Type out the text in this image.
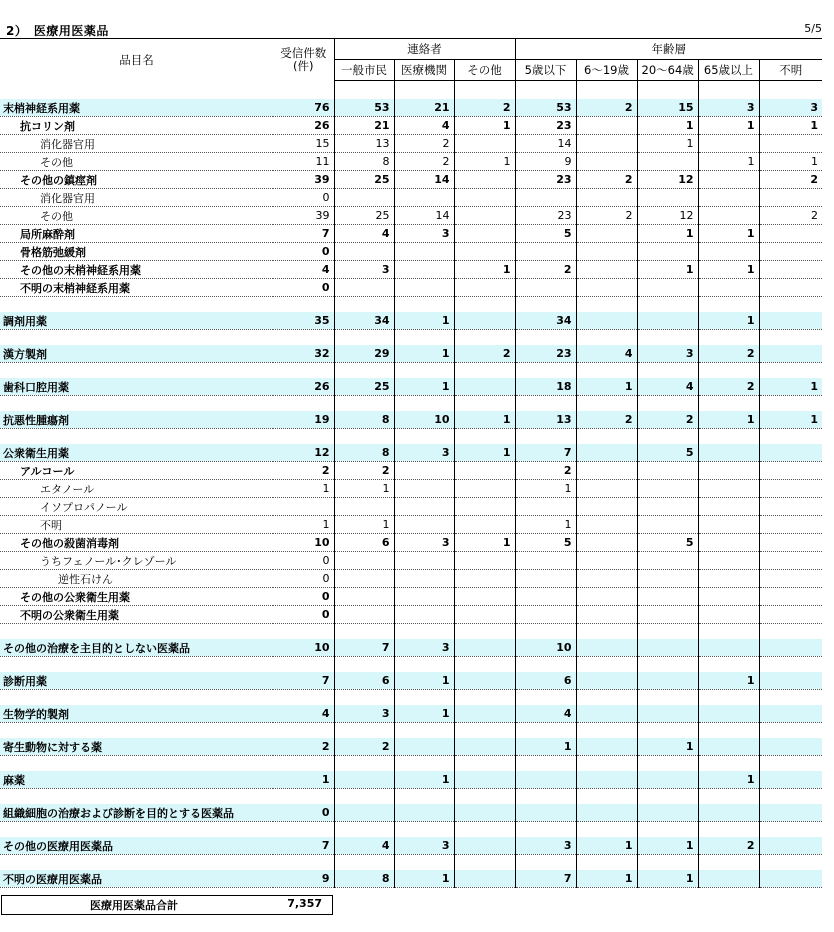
2）　医療用医薬品	5/5
品目名	受信件数
(件)	連絡者			年齢層				
		一般市民	医療機関	その他	5歳以下	6～19歳	20～64歳	65歳以上	不明

末梢神経系用薬	76	53	21	2	53	2	15	3	3
抗コリン剤	26	21	4	1	23		1	1	1
消化器官用	15	13	2		14		1		
その他	11	8	2	1	9			1	1
その他の鎮痙剤	39	25	14		23	2	12		2
消化器官用	0								
その他	39	25	14		23	2	12		2
局所麻酔剤	7	4	3		5		1	1	
骨格筋弛緩剤	0								
その他の末梢神経系用薬	4	3		1	2		1	1	
不明の末梢神経系用薬	0								

調剤用薬	35	34	1		34			1	

漢方製剤	32	29	1	2	23	4	3	2	

歯科口腔用薬	26	25	1		18	1	4	2	1

抗悪性腫瘍剤	19	8	10	1	13	2	2	1	1

公衆衛生用薬	12	8	3	1	7		5		
アルコール	2	2			2				
エタノール	1	1			1				
イソプロパノール									
不明	1	1			1				
その他の殺菌消毒剤	10	6	3	1	5		5		
うちフェノール･クレゾール	0								
逆性石けん	0								
その他の公衆衛生用薬	0								
不明の公衆衛生用薬	0								

その他の治療を主目的としない医薬品	10	7	3		10				

診断用薬	7	6	1		6			1	

生物学的製剤	4	3	1		4				

寄生動物に対する薬	2	2			1		1		

麻薬	1		1					1	

組織細胞の治療および診断を目的とする医薬品	0								

その他の医療用医薬品	7	4	3		3	1	1	2	

不明の医療用医薬品	9	8	1		7	1	1		
医療用医薬品合計	7,357
